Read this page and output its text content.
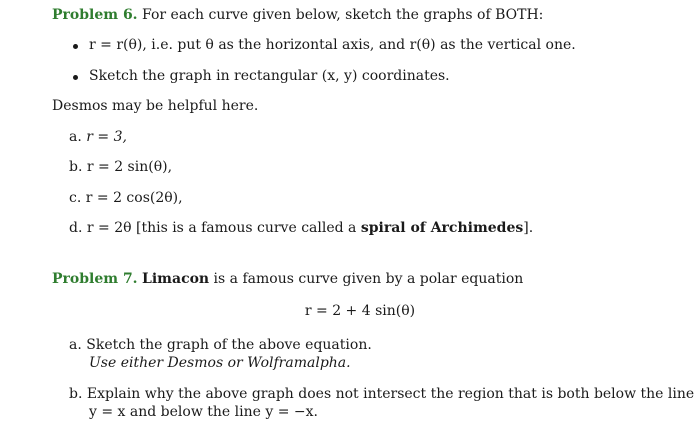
Problem 6. For each curve given below, sketch the graphs of BOTH:
r = r(θ), i.e. put θ as the horizontal axis, and r(θ) as the vertical one.
Sketch the graph in rectangular (x, y) coordinates.
Desmos may be helpful here.
a. r = 3,
b. r = 2 sin(θ),
c. r = 2 cos(2θ),
d. r = 2θ [this is a famous curve called a spiral of Archimedes].
Problem 7. Limacon is a famous curve given by a polar equation
r = 2 + 4 sin(θ)
a. Sketch the graph of the above equation.
Use either Desmos or Wolframalpha.
b. Explain why the above graph does not intersect the region that is both below the line
y = x and below the line y = −x.
